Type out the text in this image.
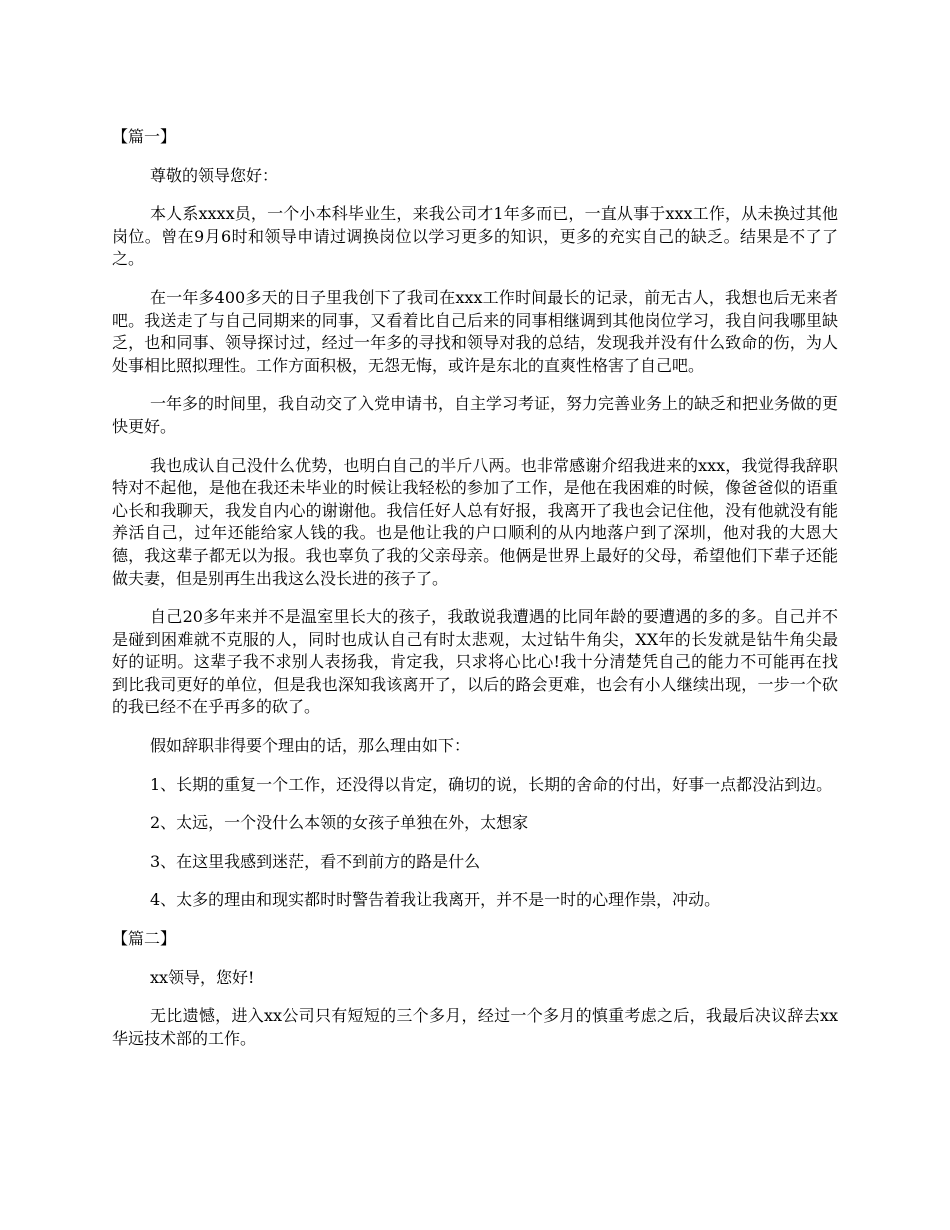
【篇一】

尊敬的领导您好：

本人系xxxx员，一个小本科毕业生，来我公司才1年多而已，一直从事于xxx工作，从未换过其他岗位。曾在9月6时和领导申请过调换岗位以学习更多的知识，更多的充实自己的缺乏。结果是不了了之。

在一年多400多天的日子里我创下了我司在xxx工作时间最长的记录，前无古人，我想也后无来者吧。我送走了与自己同期来的同事，又看着比自己后来的同事相继调到其他岗位学习，我自问我哪里缺乏，也和同事、领导探讨过，经过一年多的寻找和领导对我的总结，发现我并没有什么致命的伤，为人处事相比照拟理性。工作方面积极，无怨无悔，或许是东北的直爽性格害了自己吧。

一年多的时间里，我自动交了入党申请书，自主学习考证，努力完善业务上的缺乏和把业务做的更快更好。

我也成认自己没什么优势，也明白自己的半斤八两。也非常感谢介绍我进来的xxx，我觉得我辞职特对不起他，是他在我还未毕业的时候让我轻松的参加了工作，是他在我困难的时候，像爸爸似的语重心长和我聊天，我发自内心的谢谢他。我信任好人总有好报，我离开了我也会记住他，没有他就没有能养活自己，过年还能给家人钱的我。也是他让我的户口顺利的从内地落户到了深圳，他对我的大恩大德，我这辈子都无以为报。我也辜负了我的父亲母亲。他俩是世界上最好的父母，希望他们下辈子还能做夫妻，但是别再生出我这么没长进的孩子了。

自己20多年来并不是温室里长大的孩子，我敢说我遭遇的比同年龄的要遭遇的多的多。自己并不是碰到困难就不克服的人，同时也成认自己有时太悲观，太过钻牛角尖，XX年的长发就是钻牛角尖最好的证明。这辈子我不求别人表扬我，肯定我，只求将心比心!我十分清楚凭自己的能力不可能再在找到比我司更好的单位，但是我也深知我该离开了，以后的路会更难，也会有小人继续出现，一步一个砍的我已经不在乎再多的砍了。

假如辞职非得要个理由的话，那么理由如下：

1、长期的重复一个工作，还没得以肯定，确切的说，长期的舍命的付出，好事一点都没沾到边。

2、太远，一个没什么本领的女孩子单独在外，太想家

3、在这里我感到迷茫，看不到前方的路是什么

4、太多的理由和现实都时时警告着我让我离开，并不是一时的心理作祟，冲动。

【篇二】

xx领导，您好!

无比遗憾，进入xx公司只有短短的三个多月，经过一个多月的慎重考虑之后，我最后决议辞去xx华远技术部的工作。
